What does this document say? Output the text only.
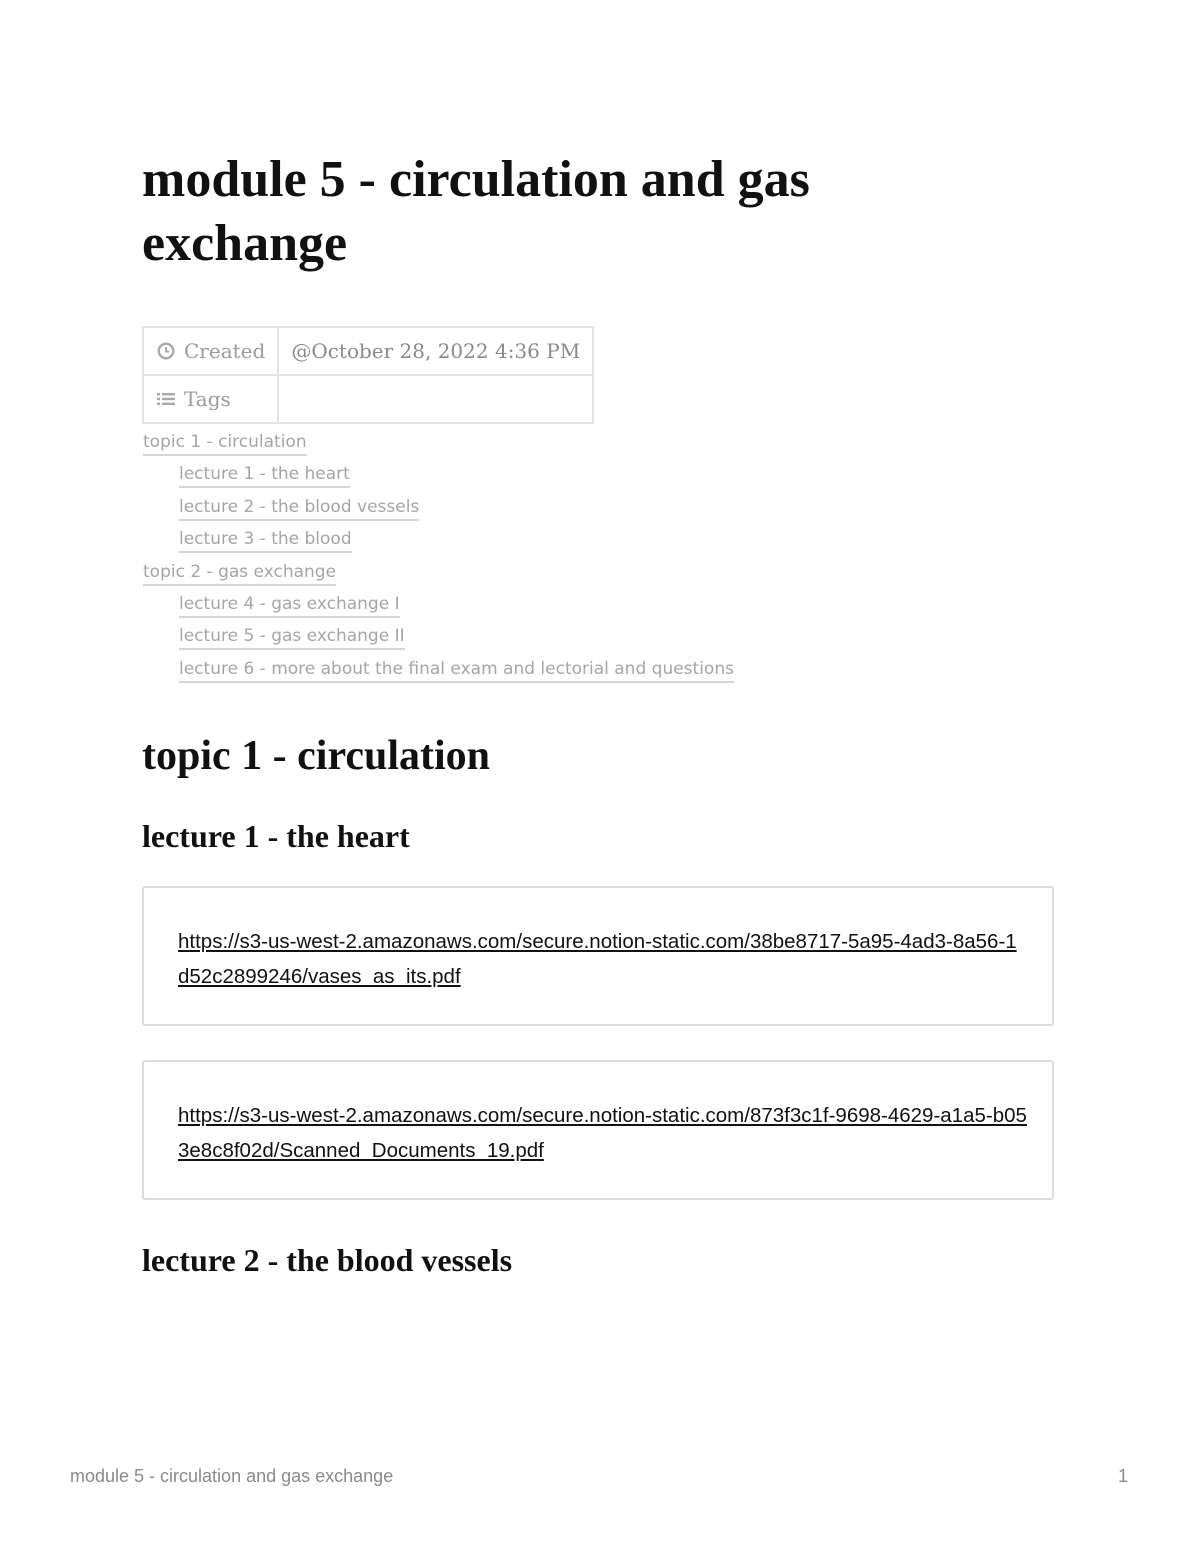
module 5 - circulation and gas exchange
Created	@October 28, 2022 4:36 PM
Tags	
topic 1 - circulation
lecture 1 - the heart
lecture 2 - the blood vessels
lecture 3 - the blood
topic 2 - gas exchange
lecture 4 - gas exchange I
lecture 5 - gas exchange II
lecture 6 - more about the final exam and lectorial and questions
topic 1 - circulation
lecture 1 - the heart
https://s3-us-west-2.amazonaws.com/secure.notion-static.com/38be8717-5a95-4ad3-8a56-1d52c2899246/vases_as_its.pdf
https://s3-us-west-2.amazonaws.com/secure.notion-static.com/873f3c1f-9698-4629-a1a5-b053e8c8f02d/Scanned_Documents_19.pdf
lecture 2 - the blood vessels
module 5 - circulation and gas exchange	1
